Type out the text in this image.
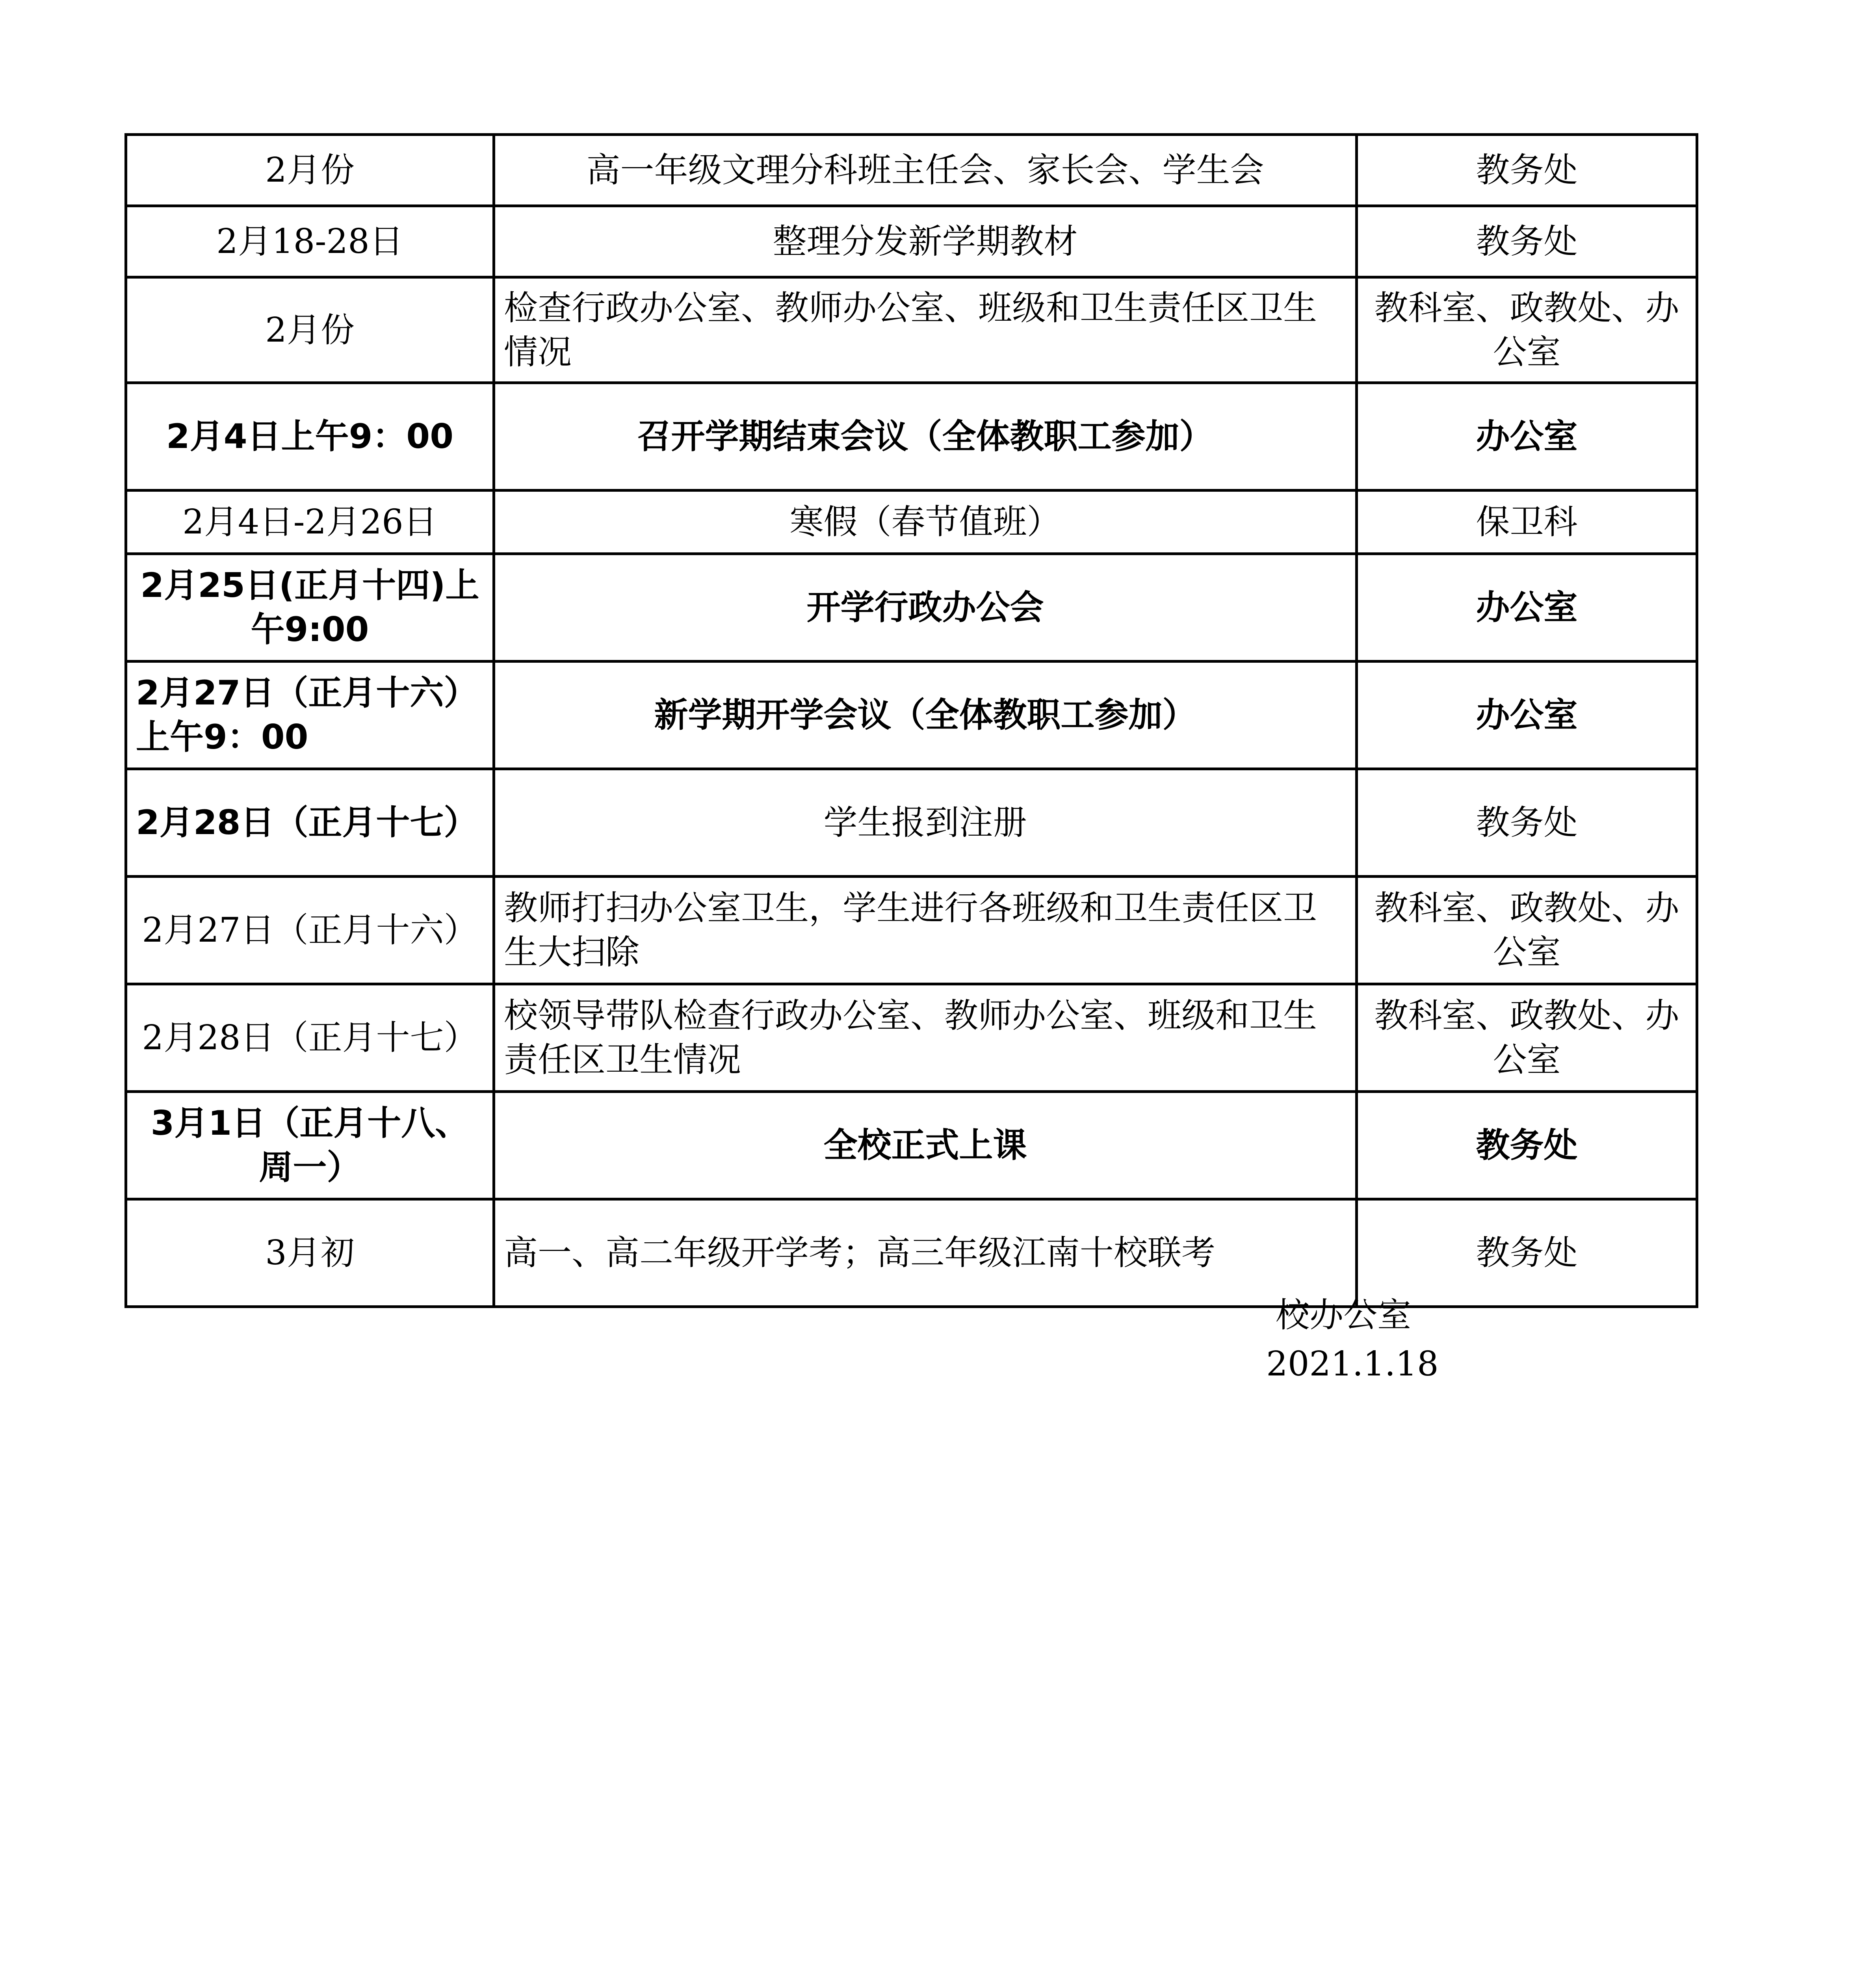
2月份	高一年级文理分科班主任会、家长会、学生会	教务处
2月18-28日	整理分发新学期教材	教务处
2月份	检查行政办公室、教师办公室、班级和卫生责任区卫生情况	教科室、政教处、办公室
2月4日上午9：00	召开学期结束会议（全体教职工参加）	办公室
2月4日-2月26日	寒假（春节值班）	保卫科
2月25日(正月十四)上午9:00	开学行政办公会	办公室
2月27日（正月十六）上午9：00	新学期开学会议（全体教职工参加）	办公室
2月28日（正月十七）	学生报到注册	教务处
2月27日（正月十六）	教师打扫办公室卫生，学生进行各班级和卫生责任区卫生大扫除	教科室、政教处、办公室
2月28日（正月十七）	校领导带队检查行政办公室、教师办公室、班级和卫生责任区卫生情况	教科室、政教处、办公室
3月1日（正月十八、周一）	全校正式上课	教务处
3月初	高一、高二年级开学考；高三年级江南十校联考	教务处
校办公室
2021.1.18
